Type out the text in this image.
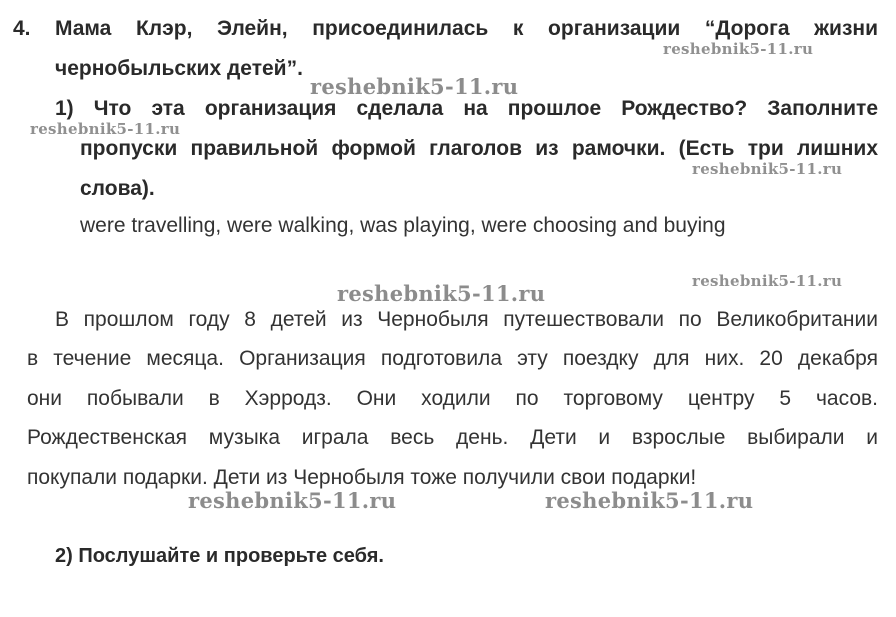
4. Мама Клэр, Элейн, присоединилась к организации “Дорога жизни
чернобыльских детей”.
1) Что эта организация сделала на прошлое Рождество? Заполните
пропуски правильной формой глаголов из рамочки. (Есть три лишних
слова).
were travelling, were walking, was playing, were choosing and buying
В прошлом году 8 детей из Чернобыля путешествовали по Великобритании
в течение месяца. Организация подготовила эту поездку для них. 20 декабря
они побывали в Хэрродз. Они ходили по торговому центру 5 часов.
Рождественская музыка играла весь день. Дети и взрослые выбирали и
покупали подарки. Дети из Чернобыля тоже получили свои подарки!
2) Послушайте и проверьте себя.
reshebnik5-11.ru
reshebnik5-11.ru
reshebnik5-11.ru
reshebnik5-11.ru
reshebnik5-11.ru
reshebnik5-11.ru
reshebnik5-11.ru	reshebnik5-11.ru
